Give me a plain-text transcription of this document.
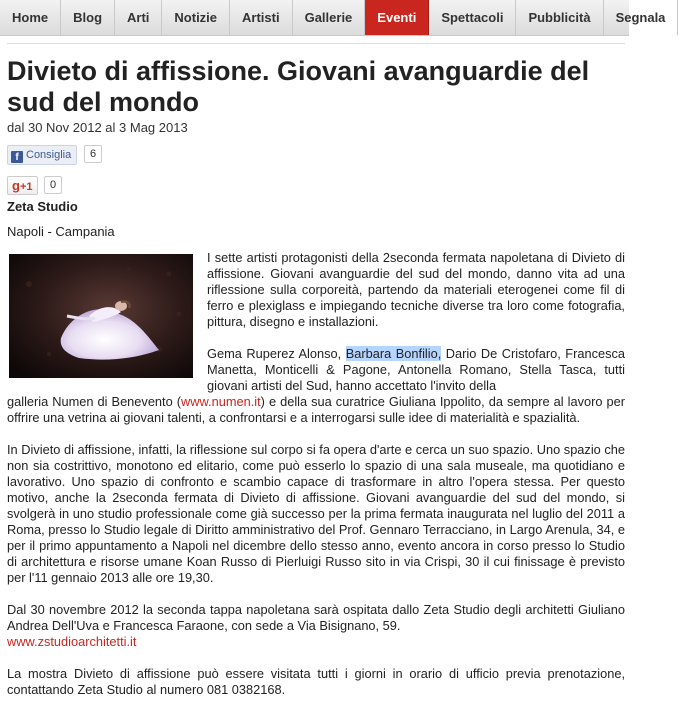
Home Blog Arti Notizie Artisti Gallerie Eventi Spettacoli Pubblicità Segnala
Divieto di affissione. Giovani avanguardie del sud del mondo
dal 30 Nov 2012 al 3 Mag 2013
f Consiglia	6
g+1	0
Zeta Studio
Napoli - Campania
I sette artisti protagonisti della 2seconda fermata napoletana di Divieto di affissione. Giovani avanguardie del sud del mondo, danno vita ad una riflessione sulla corporeità, partendo da materiali eterogenei come fil di ferro e plexiglass e impiegando tecniche diverse tra loro come fotografia, pittura, disegno e installazioni.
Gema Ruperez Alonso, Barbara Bonfilio, Dario De Cristofaro, Francesca Manetta, Monticelli & Pagone, Antonella Romano, Stella Tasca, tutti giovani artisti del Sud, hanno accettato l'invito della
galleria Numen di Benevento (www.numen.it) e della sua curatrice Giuliana Ippolito, da sempre al lavoro per offrire una vetrina ai giovani talenti, a confrontarsi e a interrogarsi sulle idee di materialità e spazialità.
In Divieto di affissione, infatti, la riflessione sul corpo si fa opera d'arte e cerca un suo spazio. Uno spazio che non sia costrittivo, monotono ed elitario, come può esserlo lo spazio di una sala museale, ma quotidiano e lavorativo. Uno spazio di confronto e scambio capace di trasformare in altro l'opera stessa. Per questo motivo, anche la 2seconda fermata di Divieto di affissione. Giovani avanguardie del sud del mondo, si svolgerà in uno studio professionale come già successo per la prima fermata inaugurata nel luglio del 2011 a Roma, presso lo Studio legale di Diritto amministrativo del Prof. Gennaro Terracciano, in Largo Arenula, 34, e per il primo appuntamento a Napoli nel dicembre dello stesso anno, evento ancora in corso presso lo Studio di architettura e risorse umane Koan Russo di Pierluigi Russo sito in via Crispi, 30 il cui finissage è previsto per l'11 gennaio 2013 alle ore 19,30.
Dal 30 novembre 2012 la seconda tappa napoletana sarà ospitata dallo Zeta Studio degli architetti Giuliano Andrea Dell'Uva e Francesca Faraone, con sede a Via Bisignano, 59.
www.zstudioarchitetti.it
La mostra Divieto di affissione può essere visitata tutti i giorni in orario di ufficio previa prenotazione, contattando Zeta Studio al numero 081 0382168.
